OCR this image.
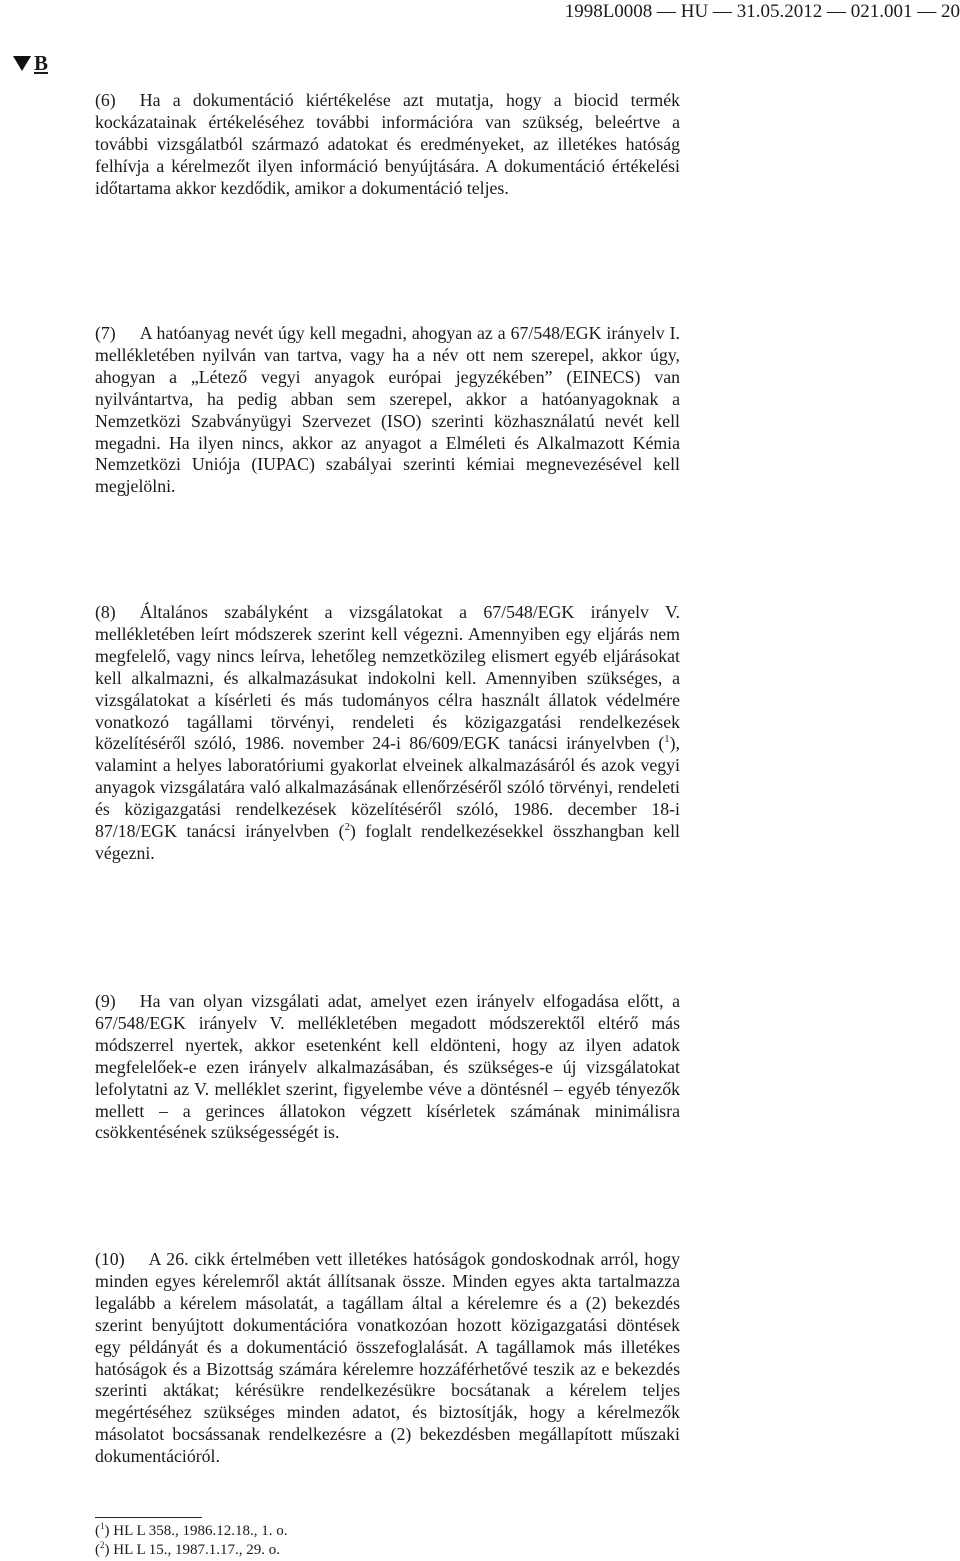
1998L0008 — HU — 31.05.2012 — 021.001 — 20
B
(6) Ha a dokumentáció kiértékelése azt mutatja, hogy a biocid termék kockázatainak értékeléséhez további információra van szükség, beleértve a további vizsgálatból származó adatokat és eredményeket, az illetékes hatóság felhívja a kérelmezőt ilyen információ benyújtására. A dokumentáció értékelési időtartama akkor kezdődik, amikor a dokumentáció teljes.
(7) A hatóanyag nevét úgy kell megadni, ahogyan az a 67/548/EGK irányelv I. mellékletében nyilván van tartva, vagy ha a név ott nem szerepel, akkor úgy, ahogyan a „Létező vegyi anyagok európai jegyzékében” (EINECS) van nyilvántartva, ha pedig abban sem szerepel, akkor a hatóanyagoknak a Nemzetközi Szabványügyi Szervezet (ISO) szerinti közhasználatú nevét kell megadni. Ha ilyen nincs, akkor az anyagot a Elméleti és Alkalmazott Kémia Nemzetközi Uniója (IUPAC) szabályai szerinti kémiai megnevezésével kell megjelölni.
(8) Általános szabályként a vizsgálatokat a 67/548/EGK irányelv V. mellékletében leírt módszerek szerint kell végezni. Amennyiben egy eljárás nem megfelelő, vagy nincs leírva, lehetőleg nemzetközileg elismert egyéb eljárásokat kell alkalmazni, és alkalmazásukat indokolni kell. Amennyiben szükséges, a vizsgálatokat a kísérleti és más tudományos célra használt állatok védelmére vonatkozó tagállami törvényi, rendeleti és közigazgatási rendelkezések közelítéséről szóló, 1986. november 24-i 86/609/EGK tanácsi irányelvben ($^1$), valamint a helyes laboratóriumi gyakorlat elveinek alkalmazásáról és azok vegyi anyagok vizsgálatára való alkalmazásának ellenőrzéséről szóló törvényi, rendeleti és közigazgatási rendelkezések közelítéséről szóló, 1986. december 18-i 87/18/EGK tanácsi irányelvben ($^2$) foglalt rendelkezésekkel összhangban kell végezni.
(9) Ha van olyan vizsgálati adat, amelyet ezen irányelv elfogadása előtt, a 67/548/EGK irányelv V. mellékletében megadott módszerektől eltérő más módszerrel nyertek, akkor esetenként kell eldönteni, hogy az ilyen adatok megfelelőek-e ezen irányelv alkalmazásában, és szükséges-e új vizsgálatokat lefolytatni az V. melléklet szerint, figyelembe véve a döntésnél – egyéb tényezők mellett – a gerinces állatokon végzett kísérletek számának minimálisra csökkentésének szükségességét is.
(10) A 26. cikk értelmében vett illetékes hatóságok gondoskodnak arról, hogy minden egyes kérelemről aktát állítsanak össze. Minden egyes akta tartalmazza legalább a kérelem másolatát, a tagállam által a kérelemre és a (2) bekezdés szerint benyújtott dokumentációra vonatkozóan hozott közigazgatási döntések egy példányát és a dokumentáció összefoglalását. A tagállamok más illetékes hatóságok és a Bizottság számára kérelemre hozzáférhetővé teszik az e bekezdés szerinti aktákat; kérésükre rendelkezésükre bocsátanak a kérelem teljes megértéséhez szükséges minden adatot, és biztosítják, hogy a kérelmezők másolatot bocsássanak rendelkezésre a (2) bekezdésben megállapított műszaki dokumentációról.
($^1$) HL L 358., 1986.12.18., 1. o.
($^2$) HL L 15., 1987.1.17., 29. o.
